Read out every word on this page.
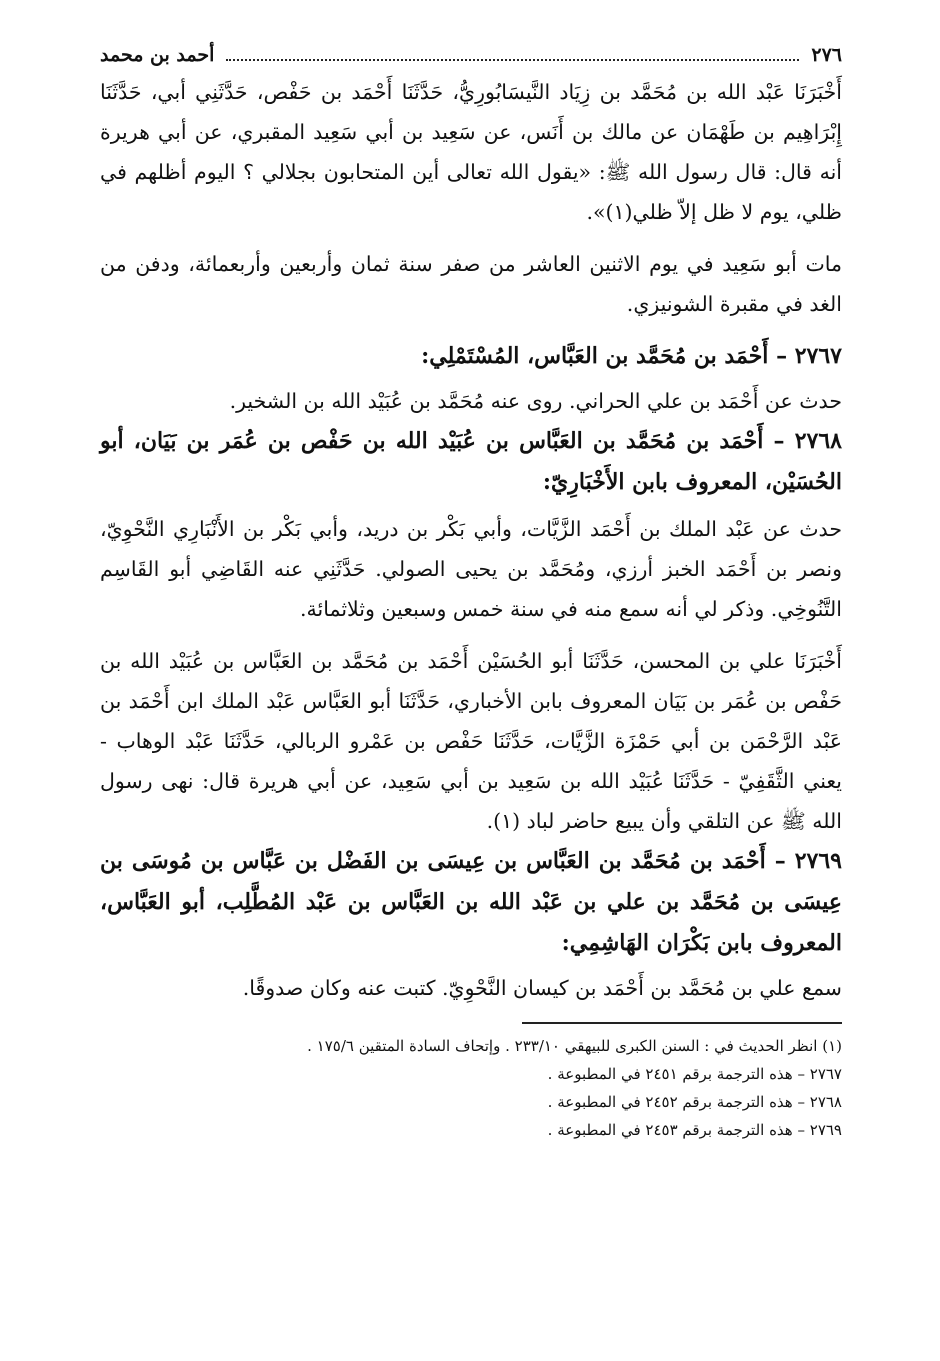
٢٧٦
أحمد بن محمد

أَخْبَرَنَا عَبْد الله بن مُحَمَّد بن زِيَاد النَّيسَابُورِيُّ، حَدَّثَنَا أَحْمَد بن حَفْص، حَدَّثَنِي أبي، حَدَّثَنَا إِبْرَاهِيم بن طَهْمَان عن مالك بن أَنَس، عن سَعِيد بن أبي سَعِيد المقبري، عن أبي هريرة أنه قال: قال رسول الله ﷺ: «يقول الله تعالى أين المتحابون بجلالي ؟ اليوم أظلهم في ظلي، يوم لا ظل إلاّ ظلي(١)».

مات أبو سَعِيد في يوم الاثنين العاشر من صفر سنة ثمان وأربعين وأربعمائة، ودفن من الغد في مقبرة الشونيزي.

٢٧٦٧ – أَحْمَد بن مُحَمَّد بن العَبَّاس، المُسْتَمْلِي:

حدث عن أَحْمَد بن علي الحراني. روى عنه مُحَمَّد بن عُبَيْد الله بن الشخير.

٢٧٦٨ – أَحْمَد بن مُحَمَّد بن العَبَّاس بن عُبَيْد الله بن حَفْص بن عُمَر بن بَيَان، أبو الحُسَيْن، المعروف بابن الأَخْبَارِيّ:

حدث عن عَبْد الملك بن أَحْمَد الزَّيَّات، وأبي بَكْر بن دريد، وأبي بَكْر بن الأَنْبَارِي النَّحْوِيّ، ونصر بن أَحْمَد الخبز أرزي، ومُحَمَّد بن يحيى الصولي. حَدَّثَنِي عنه القَاضِي أبو القَاسِم التَّنُوخِي. وذكر لي أنه سمع منه في سنة خمس وسبعين وثلاثمائة.

أَخْبَرَنَا علي بن المحسن، حَدَّثَنَا أبو الحُسَيْن أَحْمَد بن مُحَمَّد بن العَبَّاس بن عُبَيْد الله بن حَفْص بن عُمَر بن بَيَان المعروف بابن الأخباري، حَدَّثَنَا أبو العَبَّاس عَبْد الملك ابن أَحْمَد بن عَبْد الرَّحْمَن بن أبي حَمْزَة الزَّيَّات، حَدَّثَنَا حَفْص بن عَمْرو الربالي، حَدَّثَنَا عَبْد الوهاب - يعني الثَّقَفِيّ - حَدَّثَنَا عُبَيْد الله بن سَعِيد بن أبي سَعِيد، عن أبي هريرة قال: نهى رسول الله ﷺ عن التلقي وأن يبيع حاضر لباد (١).

٢٧٦٩ – أَحْمَد بن مُحَمَّد بن العَبَّاس بن عِيسَى بن الفَضْل بن عَبَّاس بن مُوسَى بن عِيسَى بن مُحَمَّد بن علي بن عَبْد الله بن العَبَّاس بن عَبْد المُطَّلِب، أبو العَبَّاس، المعروف بابن بَكْرَان الهَاشِمِي:

سمع علي بن مُحَمَّد بن أَحْمَد بن كيسان النَّحْوِيّ. كتبت عنه وكان صدوقًا.

(١) انظر الحديث في : السنن الكبرى للبيهقي ٢٣٣/١٠ . وإتحاف السادة المتقين ١٧٥/٦ .

٢٧٦٧ – هذه الترجمة برقم ٢٤٥١ في المطبوعة .

٢٧٦٨ – هذه الترجمة برقم ٢٤٥٢ في المطبوعة .

٢٧٦٩ – هذه الترجمة برقم ٢٤٥٣ في المطبوعة .
